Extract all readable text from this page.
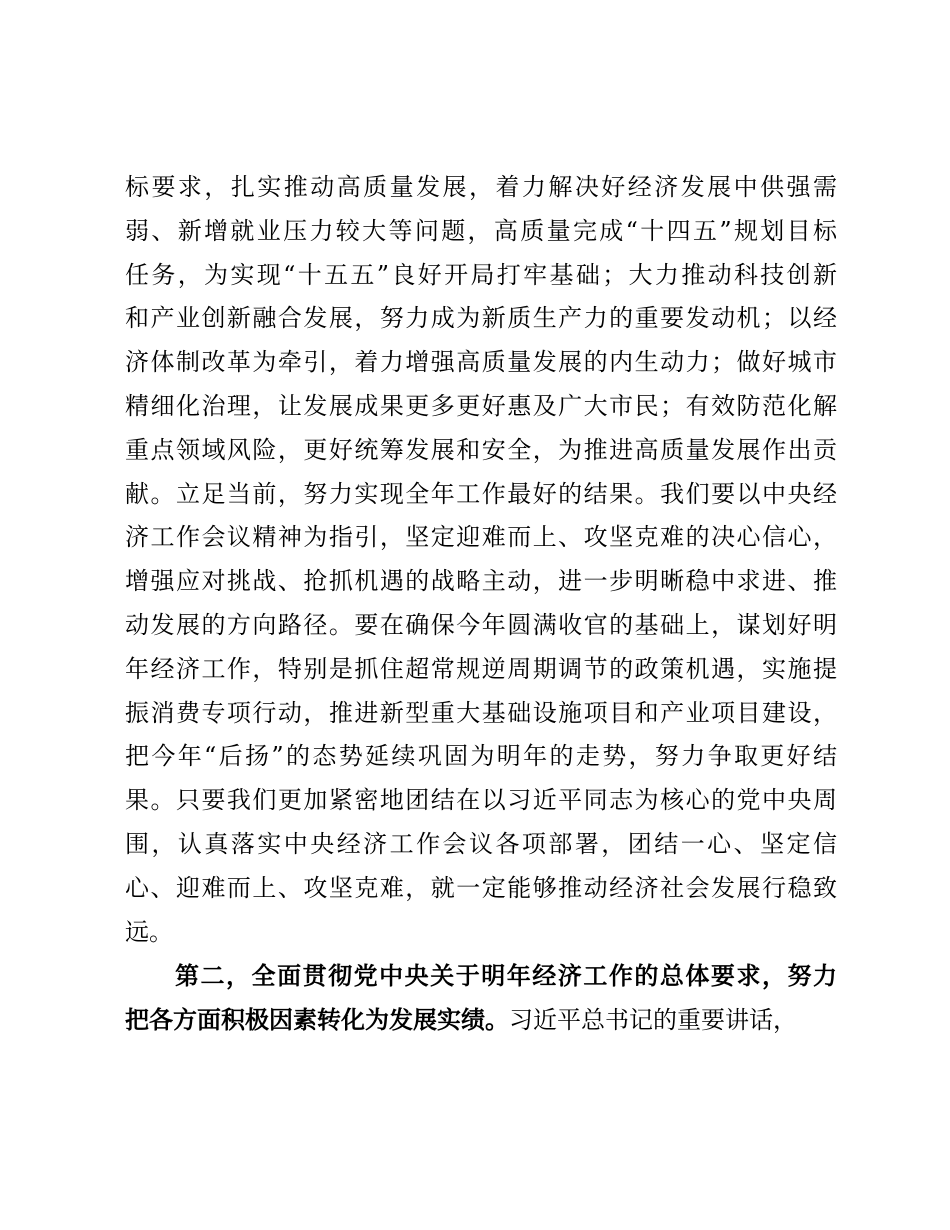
标要求，扎实推动高质量发展，着力解决好经济发展中供强需
弱、新增就业压力较大等问题，高质量完成“十四五”规划目标
任务，为实现“十五五”良好开局打牢基础；大力推动科技创新
和产业创新融合发展，努力成为新质生产力的重要发动机；以经
济体制改革为牵引，着力增强高质量发展的内生动力；做好城市
精细化治理，让发展成果更多更好惠及广大市民；有效防范化解
重点领域风险，更好统筹发展和安全，为推进高质量发展作出贡
献。立足当前，努力实现全年工作最好的结果。我们要以中央经
济工作会议精神为指引，坚定迎难而上、攻坚克难的决心信心，
增强应对挑战、抢抓机遇的战略主动，进一步明晰稳中求进、推
动发展的方向路径。要在确保今年圆满收官的基础上，谋划好明
年经济工作，特别是抓住超常规逆周期调节的政策机遇，实施提
振消费专项行动，推进新型重大基础设施项目和产业项目建设，
把今年“后扬”的态势延续巩固为明年的走势，努力争取更好结
果。只要我们更加紧密地团结在以习近平同志为核心的党中央周
围，认真落实中央经济工作会议各项部署，团结一心、坚定信
心、迎难而上、攻坚克难，就一定能够推动经济社会发展行稳致
远。
第二，全面贯彻党中央关于明年经济工作的总体要求，努力
把各方面积极因素转化为发展实绩。习近平总书记的重要讲话，
